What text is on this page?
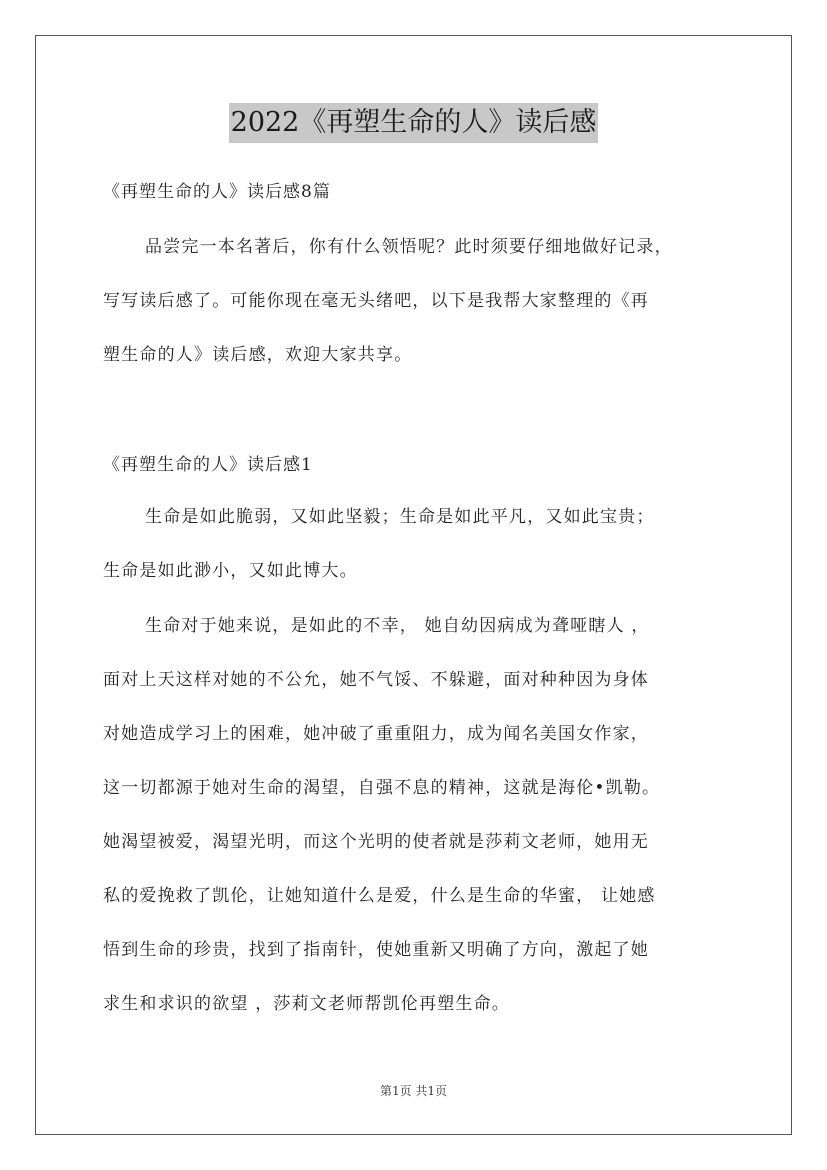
2022《再塑生命的人》读后感

《再塑生命的人》读后感8篇

品尝完一本名著后，你有什么领悟呢？此时须要仔细地做好记录，
写写读后感了。可能你现在毫无头绪吧，以下是我帮大家整理的《再
塑生命的人》读后感，欢迎大家共享。

《再塑生命的人》读后感1

生命是如此脆弱，又如此坚毅；生命是如此平凡，又如此宝贵；
生命是如此渺小，又如此博大。
生命对于她来说，是如此的不幸， 她自幼因病成为聋哑瞎人 ，
面对上天这样对她的不公允，她不气馁、不躲避，面对种种因为身体
对她造成学习上的困难，她冲破了重重阻力，成为闻名美国女作家，
这一切都源于她对生命的渴望，自强不息的精神，这就是海伦•凯勒。
她渴望被爱，渴望光明，而这个光明的使者就是莎莉文老师，她用无
私的爱挽救了凯伦，让她知道什么是爱，什么是生命的华蜜， 让她感
悟到生命的珍贵，找到了指南针，使她重新又明确了方向，激起了她
求生和求识的欲望 ，莎莉文老师帮凯伦再塑生命。
第1页 共1页
